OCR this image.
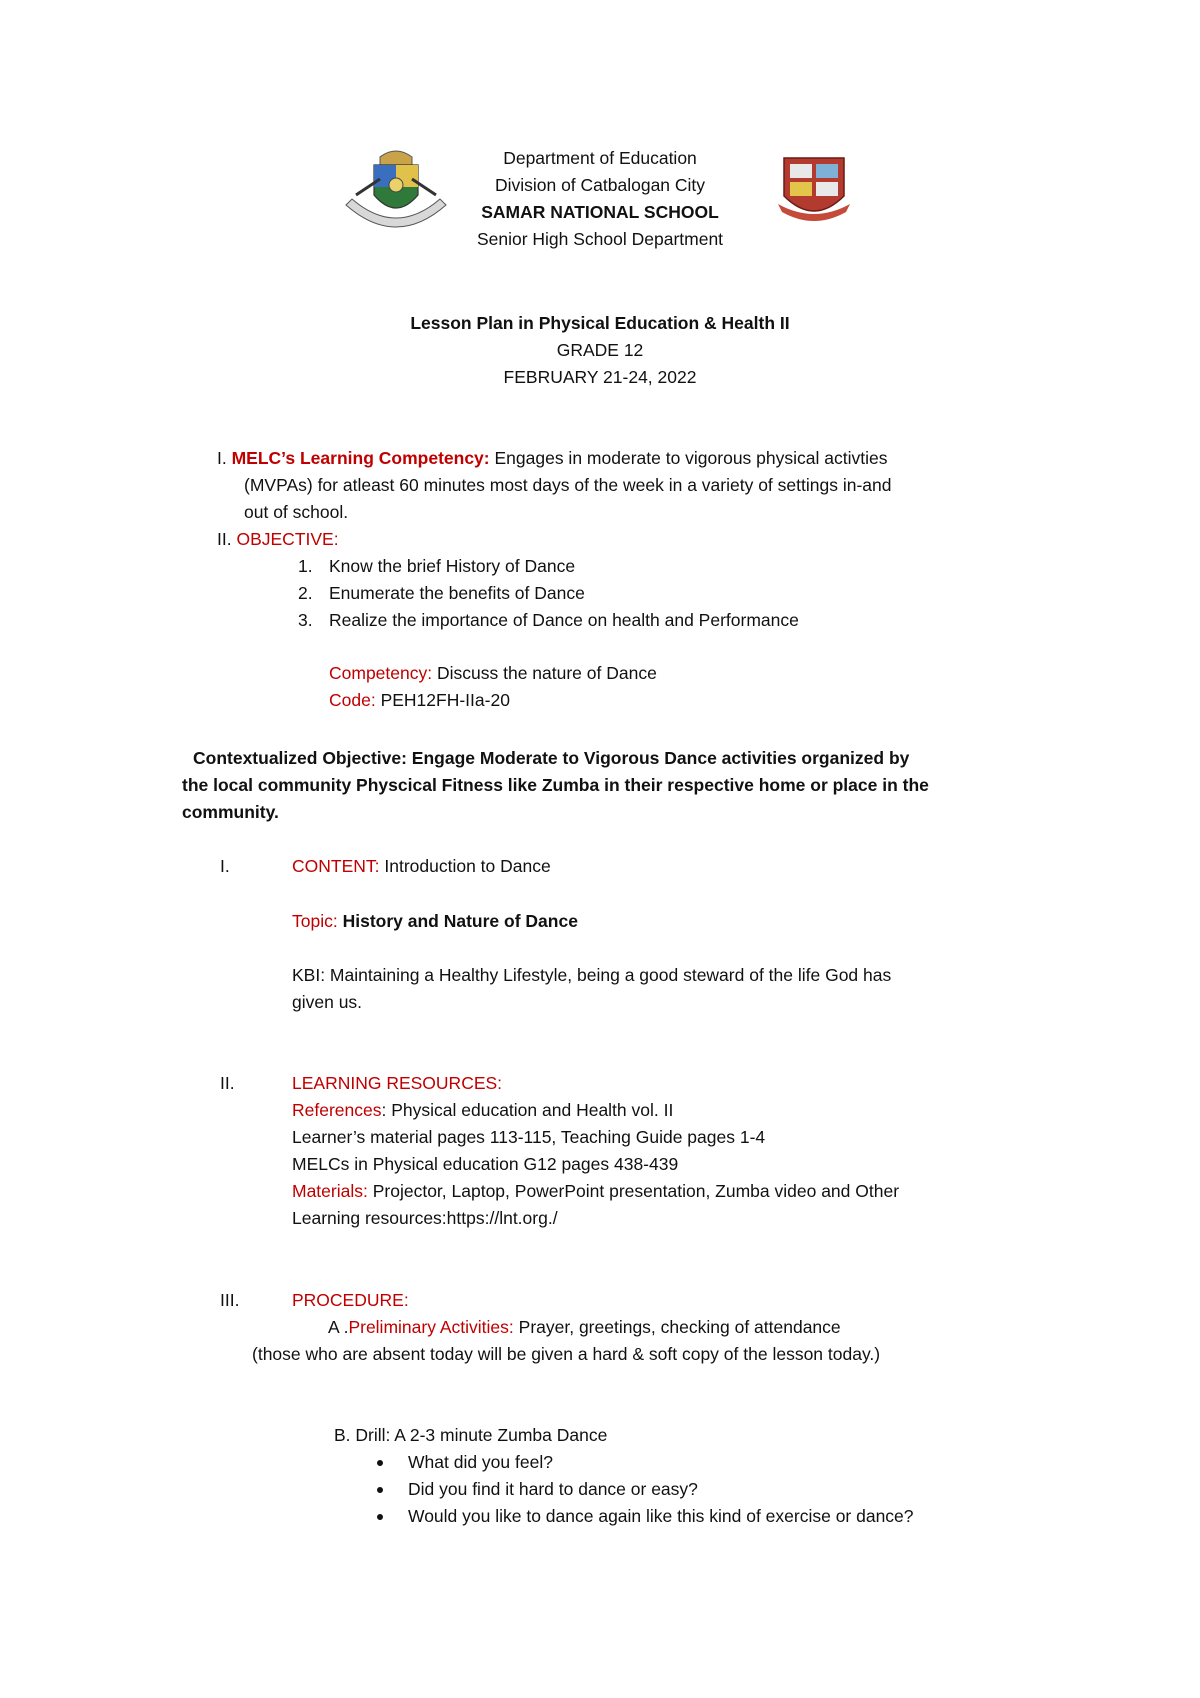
Department of Education
Division of Catbalogan City
SAMAR NATIONAL SCHOOL
Senior High School Department
Lesson Plan in Physical Education & Health II
GRADE 12
FEBRUARY 21-24, 2022
I. MELC’s Learning Competency: Engages in moderate to vigorous physical activties
(MVPAs) for atleast 60 minutes most days of the week in a variety of settings in-and
out of school.
II. OBJECTIVE:
1. Know the brief History of Dance
2. Enumerate the benefits of Dance
3. Realize the importance of Dance on health and Performance
Competency: Discuss the nature of Dance
Code: PEH12FH-IIa-20
Contextualized Objective: Engage Moderate to Vigorous Dance activities organized by
the local community Physcical Fitness like Zumba in their respective home or place in the
community.
I.	CONTENT: Introduction to Dance
Topic: History and Nature of Dance
KBI: Maintaining a Healthy Lifestyle, being a good steward of the life God has
given us.
II.	LEARNING RESOURCES:
References: Physical education and Health vol. II
Learner’s material pages 113-115, Teaching Guide pages 1-4
MELCs in Physical education G12 pages 438-439
Materials: Projector, Laptop, PowerPoint presentation, Zumba video and Other
Learning resources:https://lnt.org./
III.	PROCEDURE:
A .Preliminary Activities: Prayer, greetings, checking of attendance
(those who are absent today will be given a hard & soft copy of the lesson today.)
B. Drill: A 2-3 minute Zumba Dance
What did you feel?
Did you find it hard to dance or easy?
Would you like to dance again like this kind of exercise or dance?
